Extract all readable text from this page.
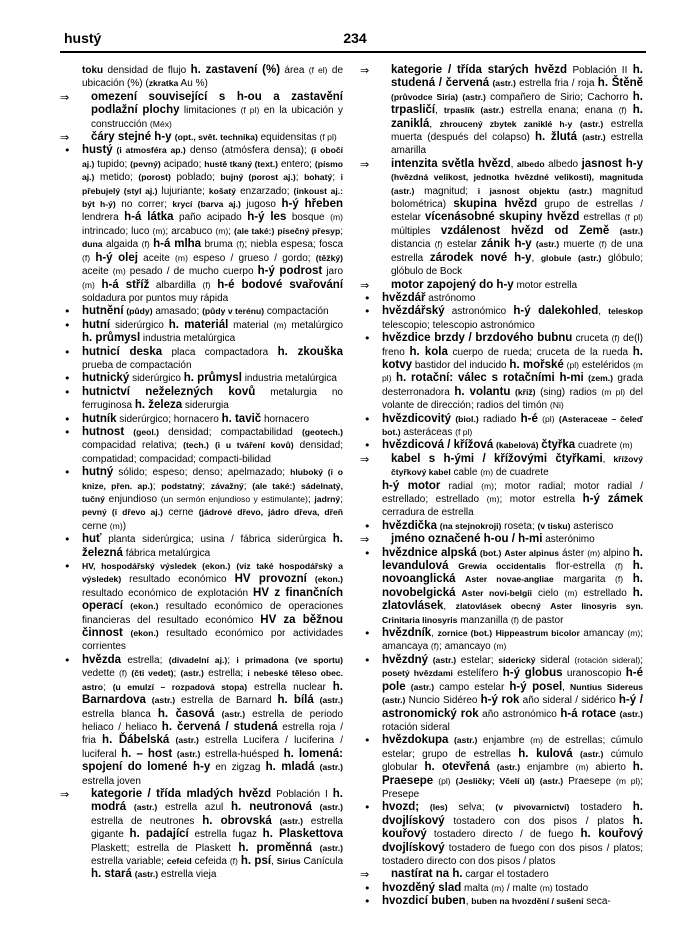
hustý	234

toku densidad de flujo h. zastavení (%) área (f el) de ubicación (%) (zkratka Au %)

⇒	omezení související s h-ou a zastavění podlažní plochy limitaciones (f pl) en la ubicación y construcción (Méx)

⇒	čáry stejné h-y (opt., svět. technika) equidensitas (f pl)

•	hustý (i atmosféra ap.) denso (atmósfera densa); (i obočí aj.) tupido; (pevný) acipado; hustě tkaný (text.) entero; (písmo aj.) metido; (porost) poblado; bujný (porost aj.); bohatý; i přebujelý (styl aj.) lujuriante; košatý enzarzado; (inkoust aj.: být h-ý) no correr; krycí (barva aj.) jugoso h-ý hřeben lendrera h-á látka paño acipado h-ý les bosque (m) intrincado; luco (m); arcabuco (m); (ale také:) písečný přesyp; duna algaida (f) h-á mlha bruma (f); niebla espesa; fosca (f) h-ý olej aceite (m) espeso / grueso / gordo; (těžký) aceite (m) pesado / de mucho cuerpo h-ý podrost jaro (m) h-á stříž albardilla (f) h-é bodové svařování soldadura por puntos muy rápida

•	hutnění (půdy) amasado; (půdy v terénu) compactación

•	hutní siderúrgico h. materiál material (m) metalúrgico h. průmysl industria metalúrgica

•	hutnicí deska placa compactadora h. zkouška prueba de compactación

•	hutnický siderúrgico h. průmysl industria metalúrgica

•	hutnictví neželezných kovů metalurgia no ferruginosa h. železa siderurgia

•	hutník siderúrgico; hornacero h. tavič hornacero

•	hutnost (geol.) densidad; compactabilidad (geotech.) compacidad relativa; (tech.) (i u tváření kovů) densidad; compatidad; compacidad; compacti-bilidad

•	hutný sólido; espeso; denso; apelmazado; hluboký (i o knize, přen. ap.); podstatný; závažný; (ale také:) sádelnatý, tučný enjundioso (un sermón enjundioso y estimulante); jadrný; pevný (i dřevo aj.) cerne (jádrové dřevo, jádro dřeva, dřeň cerne (m))

•	huť planta siderúrgica; usina / fábrica siderúrgica h. železná fábrica metalúrgica

•	HV, hospodářský výsledek (ekon.) (viz také hospodářský a výsledek) resultado económico HV provozní (ekon.) resultado económico de explotación HV z finančních operací (ekon.) resultado económico de operaciones financieras del resultado económico HV za běžnou činnost (ekon.) resultado económico por actividades corrientes

•	hvězda estrella; (divadelní aj.); i primadona (ve sportu) vedette (f) (čti vedet); (astr.) estrella; i nebeské těleso obec. astro; (u emulzí – rozpadová stopa) estrella nuclear h. Barnardova (astr.) estrella de Barnard h. bílá (astr.) estrella blanca h. časová (astr.) estrella de periodo heliaco / heliaco h. červená / studená estrella roja / fria h. Ďábelská (astr.) estrella Lucifera / luciferina / luciferal h. – host (astr.) estrella-huésped h. lomená: spojení do lomené h-y en zigzag h. mladá (astr.) estrella joven

⇒	kategorie / třída mladých hvězd Población I h. modrá (astr.) estrella azul h. neutronová (astr.) estrella de neutrones h. obrovská (astr.) estrella gigante h. padající estrella fugaz h. Plaskettova Plaskett; estrella de Plaskett h. proměnná (astr.) estrella variable; cefeid cefeida (f) h. psí, Sirius Canícula h. stará (astr.) estrella vieja

⇒	kategorie / třída starých hvězd Población II h. studená / červená (astr.) estrella fria / roja h. Štěně (průvodce Siria) (astr.) compañero de Sirio; Cachorro h. trpasličí, trpaslík (astr.) estrella enana; enana (f) h. zaniklá, zhroucený zbytek zaniklé h-y (astr.) estrella muerta (después del colapso) h. žlutá (astr.) estrella amarilla

⇒	intenzita světla hvězd, albedo albedo jasnost h-y (hvězdná velikost, jednotka hvězdné velikosti), magnituda (astr.) magnitud; i jasnost objektu (astr.) magnitud bolométrica) skupina hvězd grupo de estrellas / estelar vícenásobné skupiny hvězd estrellas (f pl) múltiples vzdálenost hvězd od Země (astr.) distancia (f) estelar zánik h-y (astr.) muerte (f) de una estrella zárodek nové h-y, globule (astr.) glóbulo; glóbulo de Bock

⇒	motor zapojený do h-y motor estrella

•	hvězdář astrónomo

•	hvězdářský astronómico h-ý dalekohled, teleskop telescopio; telescopio astronómico

•	hvězdice brzdy / brzdového bubnu cruceta (f) de(l) freno h. kola cuerpo de rueda; cruceta de la rueda h. kotvy bastidor del inducido h. mořské (pl) esteléridos (m pl) h. rotační: válec s rotačními h-mi (zem.) grada desterronadora h. volantu (kříž) (sing) radios (m pl) del volante de dirección; radios del timón (Ni)

•	hvězdicovitý (biol.) radiado h-é (pl) (Asteraceae – čeleď bot.) asteráceas (f pl)

•	hvězdicová / křížová (kabelová) čtyřka cuadrete (m)

⇒	kabel s h-ými / křížovými čtyřkami, křížový čtyřkový kabel cable (m) de cuadrete

h-ý motor radial (m); motor radial; motor radial / estrellado; estrellado (m); motor estrella h-ý zámek cerradura de estrella

•	hvězdička (na stejnokroji) roseta; (v tisku) asterisco

⇒	jméno označené h-ou / h-mi asterónimo

•	hvězdnice alpská (bot.) Aster alpinus áster (m) alpino h. levandulová Grewia occidentalis flor-estrella (f) h. novoanglická Aster novae-angliae margarita (f) h. novobelgická Aster novi-belgii cielo (m) estrellado h. zlatovlásek, zlatovlásek obecný Aster linosyris syn. Crinitaria linosyris manzanilla (f) de pastor

•	hvězdník, zornice (bot.) Hippeastrum bicolor amancay (m); amancaya (f); amancayo (m)

•	hvězdný (astr.) estelar; siderický sideral (rotación sideral); posetý hvězdami estelífero h-ý globus uranoscopio h-é pole (astr.) campo estelar h-ý posel, Nuntius Sidereus (astr.) Nuncio Sidéreo h-ý rok año sideral / sidérico h-ý / astronomický rok año astronómico h-á rotace (astr.) rotación sideral

•	hvězdokupa (astr.) enjambre (m) de estrellas; cúmulo estelar; grupo de estrellas h. kulová (astr.) cúmulo globular h. otevřená (astr.) enjambre (m) abierto h. Praesepe (pl) (Jesličky; Včelí úl) (astr.) Praesepe (m pl); Presepe

•	hvozd; (les) selva; (v pivovarnictví) tostadero h. dvojlískový tostadero con dos pisos / platos h. kouřový tostadero directo / de fuego h. kouřový dvojlískový tostadero de fuego con dos pisos / platos; tostadero directo con dos pisos / platos

⇒	nastírat na h. cargar el tostadero

•	hvozděný slad malta (m) / malte (m) tostado

•	hvozdicí buben, buben na hvozdění / sušení seca-
